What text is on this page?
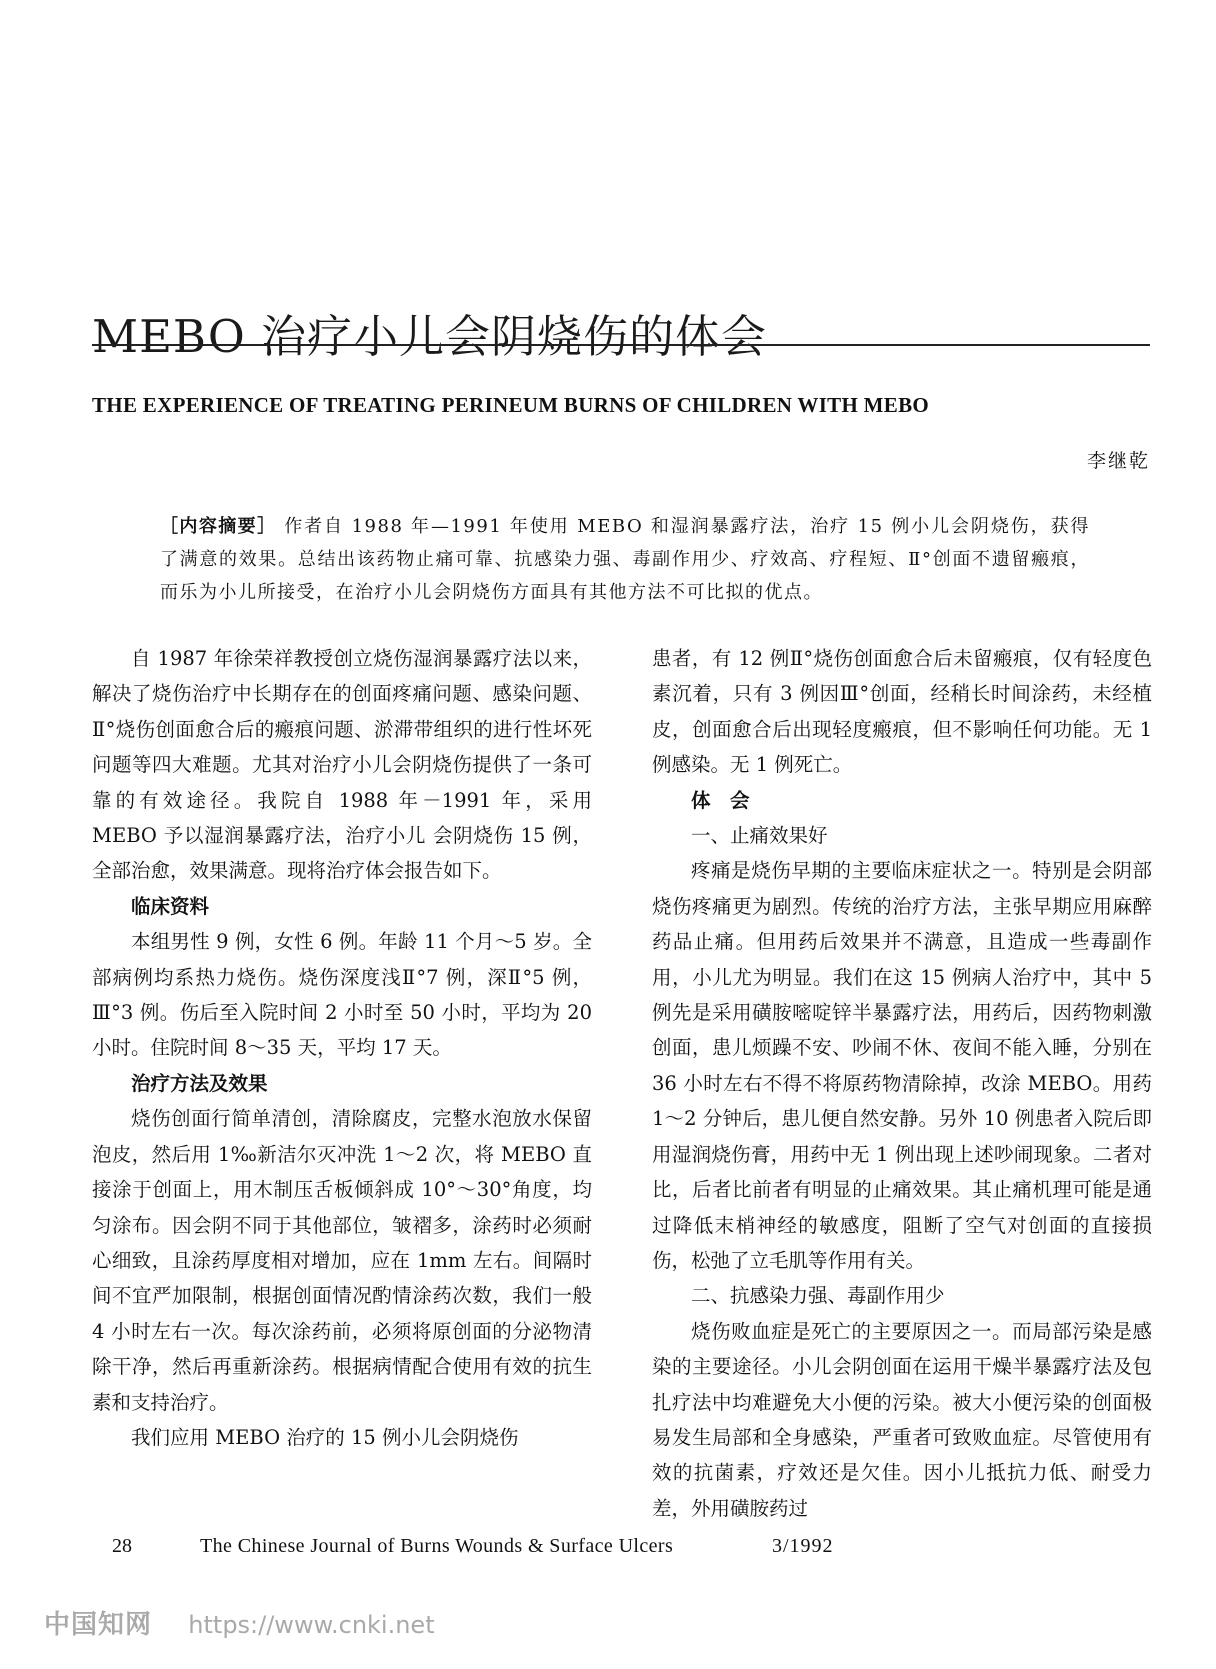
MEBO 治疗小儿会阴烧伤的体会
THE EXPERIENCE OF TREATING PERINEUM BURNS OF CHILDREN WITH MEBO
李继乾
［内容摘要］ 作者自 1988 年—1991 年使用 MEBO 和湿润暴露疗法，治疗 15 例小儿会阴烧伤，获得了满意的效果。总结出该药物止痛可靠、抗感染力强、毒副作用少、疗效高、疗程短、Ⅱ°创面不遗留瘢痕，而乐为小儿所接受，在治疗小儿会阴烧伤方面具有其他方法不可比拟的优点。

自 1987 年徐荣祥教授创立烧伤湿润暴露疗法以来，解决了烧伤治疗中长期存在的创面疼痛问题、感染问题、Ⅱ°烧伤创面愈合后的瘢痕问题、淤滞带组织的进行性坏死问题等四大难题。尤其对治疗小儿会阴烧伤提供了一条可靠的有效途径。我院自 1988 年－1991 年，采用 MEBO 予以湿润暴露疗法，治疗小儿 会阴烧伤 15 例，全部治愈，效果满意。现将治疗体会报告如下。

临床资料

本组男性 9 例，女性 6 例。年龄 11 个月～5 岁。全部病例均系热力烧伤。烧伤深度浅Ⅱ°7 例，深Ⅱ°5 例，Ⅲ°3 例。伤后至入院时间 2 小时至 50 小时，平均为 20 小时。住院时间 8～35 天，平均 17 天。

治疗方法及效果

烧伤创面行简单清创，清除腐皮，完整水泡放水保留泡皮，然后用 1‰新洁尔灭冲洗 1～2 次，将 MEBO 直接涂于创面上，用木制压舌板倾斜成 10°～30°角度，均匀涂布。因会阴不同于其他部位，皱褶多，涂药时必须耐心细致，且涂药厚度相对增加，应在 1mm 左右。间隔时间不宜严加限制，根据创面情况酌情涂药次数，我们一般 4 小时左右一次。每次涂药前，必须将原创面的分泌物清除干净，然后再重新涂药。根据病情配合使用有效的抗生素和支持治疗。

我们应用 MEBO 治疗的 15 例小儿会阴烧伤

患者，有 12 例Ⅱ°烧伤创面愈合后未留瘢痕，仅有轻度色素沉着，只有 3 例因Ⅲ°创面，经稍长时间涂药，未经植皮，创面愈合后出现轻度瘢痕，但不影响任何功能。无 1 例感染。无 1 例死亡。

体　会
一、止痛效果好

疼痛是烧伤早期的主要临床症状之一。特别是会阴部烧伤疼痛更为剧烈。传统的治疗方法，主张早期应用麻醉药品止痛。但用药后效果并不满意，且造成一些毒副作用，小儿尤为明显。我们在这 15 例病人治疗中，其中 5 例先是采用磺胺嘧啶锌半暴露疗法，用药后，因药物刺激创面，患儿烦躁不安、吵闹不休、夜间不能入睡，分别在 36 小时左右不得不将原药物清除掉，改涂 MEBO。用药 1～2 分钟后，患儿便自然安静。另外 10 例患者入院后即用湿润烧伤膏，用药中无 1 例出现上述吵闹现象。二者对比，后者比前者有明显的止痛效果。其止痛机理可能是通过降低末梢神经的敏感度，阻断了空气对创面的直接损伤，松弛了立毛肌等作用有关。

二、抗感染力强、毒副作用少

烧伤败血症是死亡的主要原因之一。而局部污染是感染的主要途径。小儿会阴创面在运用干燥半暴露疗法及包扎疗法中均难避免大小便的污染。被大小便污染的创面极易发生局部和全身感染，严重者可致败血症。尽管使用有效的抗菌素，疗效还是欠佳。因小儿抵抗力低、耐受力差，外用磺胺药过

28	The Chinese Journal of Burns Wounds & Surface Ulcers	3/1992
中国知网 https://www.cnki.net
